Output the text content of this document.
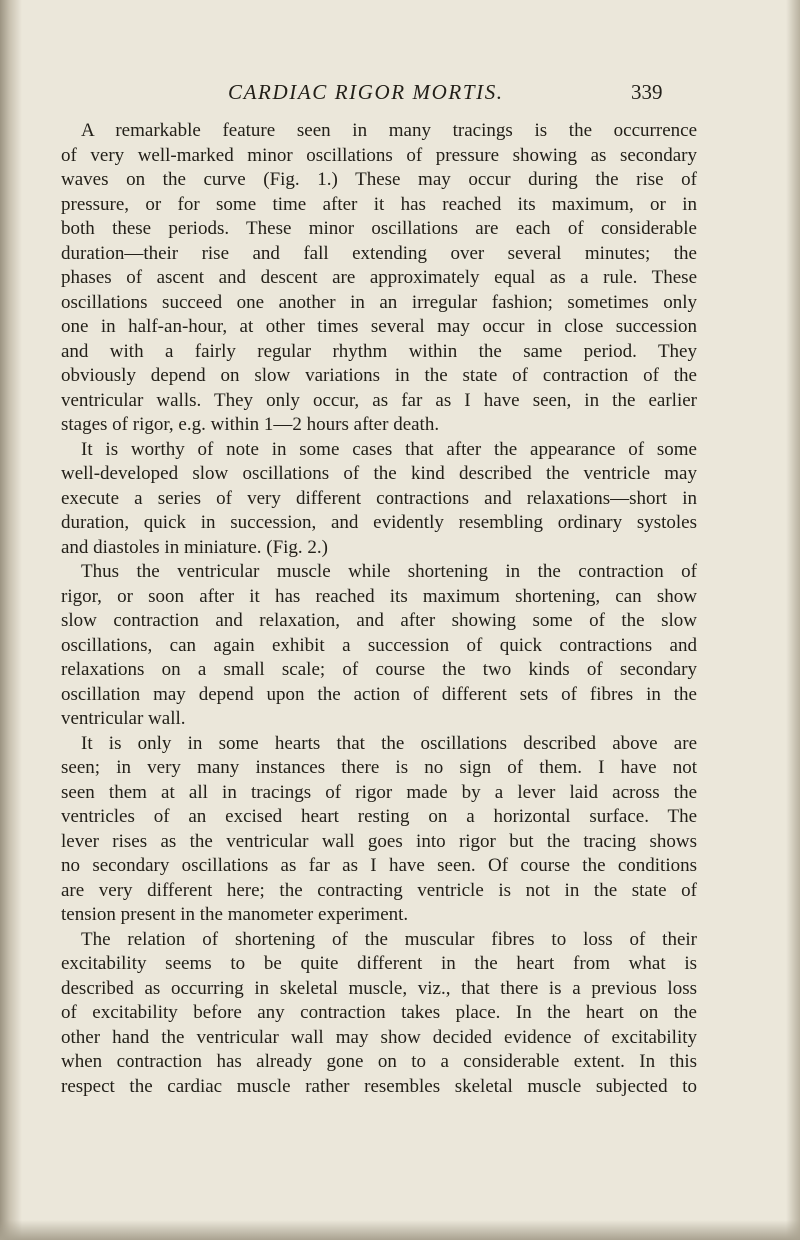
CARDIAC RIGOR MORTIS.	339
A remarkable feature seen in many tracings is the occurrence
of very well-marked minor oscillations of pressure showing as secondary
waves on the curve (Fig. 1.) These may occur during the rise of
pressure, or for some time after it has reached its maximum, or in
both these periods. These minor oscillations are each of considerable
duration—their rise and fall extending over several minutes; the
phases of ascent and descent are approximately equal as a rule. These
oscillations succeed one another in an irregular fashion; sometimes only
one in half-an-hour, at other times several may occur in close succession
and with a fairly regular rhythm within the same period. They
obviously depend on slow variations in the state of contraction of the
ventricular walls. They only occur, as far as I have seen, in the earlier
stages of rigor, e.g. within 1—2 hours after death.
It is worthy of note in some cases that after the appearance of some
well-developed slow oscillations of the kind described the ventricle may
execute a series of very different contractions and relaxations—short in
duration, quick in succession, and evidently resembling ordinary systoles
and diastoles in miniature. (Fig. 2.)
Thus the ventricular muscle while shortening in the contraction of
rigor, or soon after it has reached its maximum shortening, can show
slow contraction and relaxation, and after showing some of the slow
oscillations, can again exhibit a succession of quick contractions and
relaxations on a small scale; of course the two kinds of secondary
oscillation may depend upon the action of different sets of fibres in the
ventricular wall.
It is only in some hearts that the oscillations described above are
seen; in very many instances there is no sign of them. I have not
seen them at all in tracings of rigor made by a lever laid across the
ventricles of an excised heart resting on a horizontal surface. The
lever rises as the ventricular wall goes into rigor but the tracing shows
no secondary oscillations as far as I have seen. Of course the conditions
are very different here; the contracting ventricle is not in the state of
tension present in the manometer experiment.
The relation of shortening of the muscular fibres to loss of their
excitability seems to be quite different in the heart from what is
described as occurring in skeletal muscle, viz., that there is a previous loss
of excitability before any contraction takes place. In the heart on the
other hand the ventricular wall may show decided evidence of excitability
when contraction has already gone on to a considerable extent. In this
respect the cardiac muscle rather resembles skeletal muscle subjected to
